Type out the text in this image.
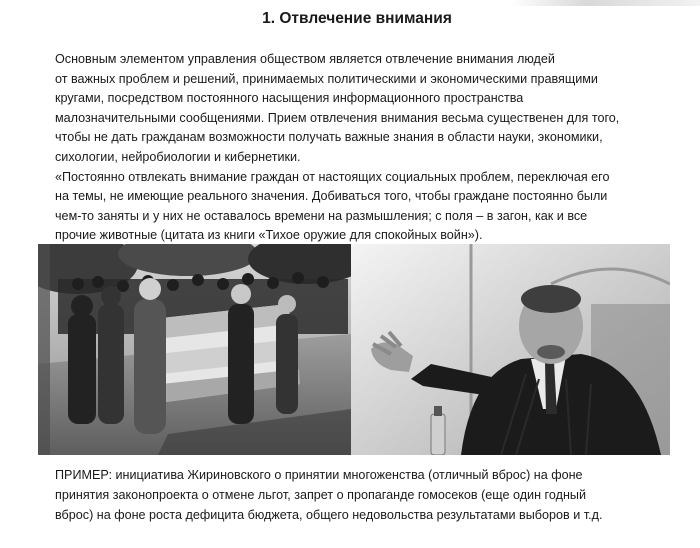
1. Отвлечение внимания
Основным элементом управления обществом является отвлечение внимания людей
от важных проблем и решений, принимаемых политическими и экономическими правящими
кругами, посредством постоянного насыщения информационного пространства
малозначительными сообщениями. Прием отвлечения внимания весьма существенен для того,
чтобы не дать гражданам возможности получать важные знания в области науки, экономики,
сихологии, нейробиологии и кибернетики.
«Постоянно отвлекать внимание граждан от настоящих социальных проблем, переключая его
на темы, не имеющие реального значения. Добиваться того, чтобы граждане постоянно были
чем-то заняты и у них не оставалось времени на размышления; с поля – в загон, как и все
прочие животные (цитата из книги «Тихое оружие для спокойных войн»).
ПРИМЕР: инициатива Жириновского о принятии многоженства (отличный вброс) на фоне
принятия законопроекта о отмене льгот, запрет о пропаганде гомосеков (еще один годный
вброс) на фоне роста дефицита бюджета, общего недовольства результатами выборов и т.д.
